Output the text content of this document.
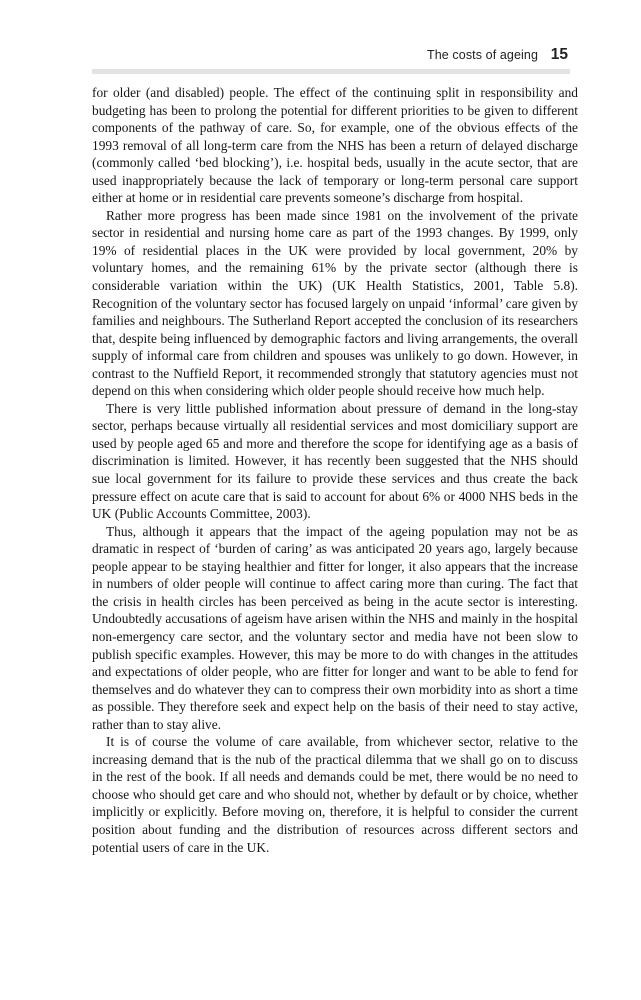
The costs of ageing 15

for older (and disabled) people. The effect of the continuing split in responsibility and budgeting has been to prolong the potential for different priorities to be given to different components of the pathway of care. So, for example, one of the obvious effects of the 1993 removal of all long-term care from the NHS has been a return of delayed discharge (commonly called ‘bed blocking’), i.e. hospital beds, usually in the acute sector, that are used inappropriately because the lack of temporary or long-term personal care support either at home or in residential care prevents someone’s discharge from hospital.

Rather more progress has been made since 1981 on the involvement of the private sector in residential and nursing home care as part of the 1993 changes. By 1999, only 19% of residential places in the UK were provided by local government, 20% by voluntary homes, and the remaining 61% by the private sector (although there is considerable variation within the UK) (UK Health Statistics, 2001, Table 5.8). Recognition of the voluntary sector has focused largely on unpaid ‘informal’ care given by families and neighbours. The Sutherland Report accepted the conclusion of its researchers that, despite being influenced by demographic factors and living arrangements, the overall supply of informal care from children and spouses was unlikely to go down. However, in contrast to the Nuffield Report, it recommended strongly that statutory agencies must not depend on this when considering which older people should receive how much help.

There is very little published information about pressure of demand in the long-stay sector, perhaps because virtually all residential services and most domiciliary support are used by people aged 65 and more and therefore the scope for identifying age as a basis of discrimination is limited. However, it has recently been suggested that the NHS should sue local government for its failure to provide these services and thus create the back pressure effect on acute care that is said to account for about 6% or 4000 NHS beds in the UK (Public Accounts Committee, 2003).

Thus, although it appears that the impact of the ageing population may not be as dramatic in respect of ‘burden of caring’ as was anticipated 20 years ago, largely because people appear to be staying healthier and fitter for longer, it also appears that the increase in numbers of older people will continue to affect caring more than curing. The fact that the crisis in health circles has been perceived as being in the acute sector is interesting. Undoubtedly accusations of ageism have arisen within the NHS and mainly in the hospital non-emergency care sector, and the voluntary sector and media have not been slow to publish specific examples. However, this may be more to do with changes in the attitudes and expectations of older people, who are fitter for longer and want to be able to fend for themselves and do whatever they can to compress their own morbidity into as short a time as possible. They therefore seek and expect help on the basis of their need to stay active, rather than to stay alive.

It is of course the volume of care available, from whichever sector, relative to the increasing demand that is the nub of the practical dilemma that we shall go on to discuss in the rest of the book. If all needs and demands could be met, there would be no need to choose who should get care and who should not, whether by default or by choice, whether implicitly or explicitly. Before moving on, therefore, it is helpful to consider the current position about funding and the distribution of resources across different sectors and potential users of care in the UK.
